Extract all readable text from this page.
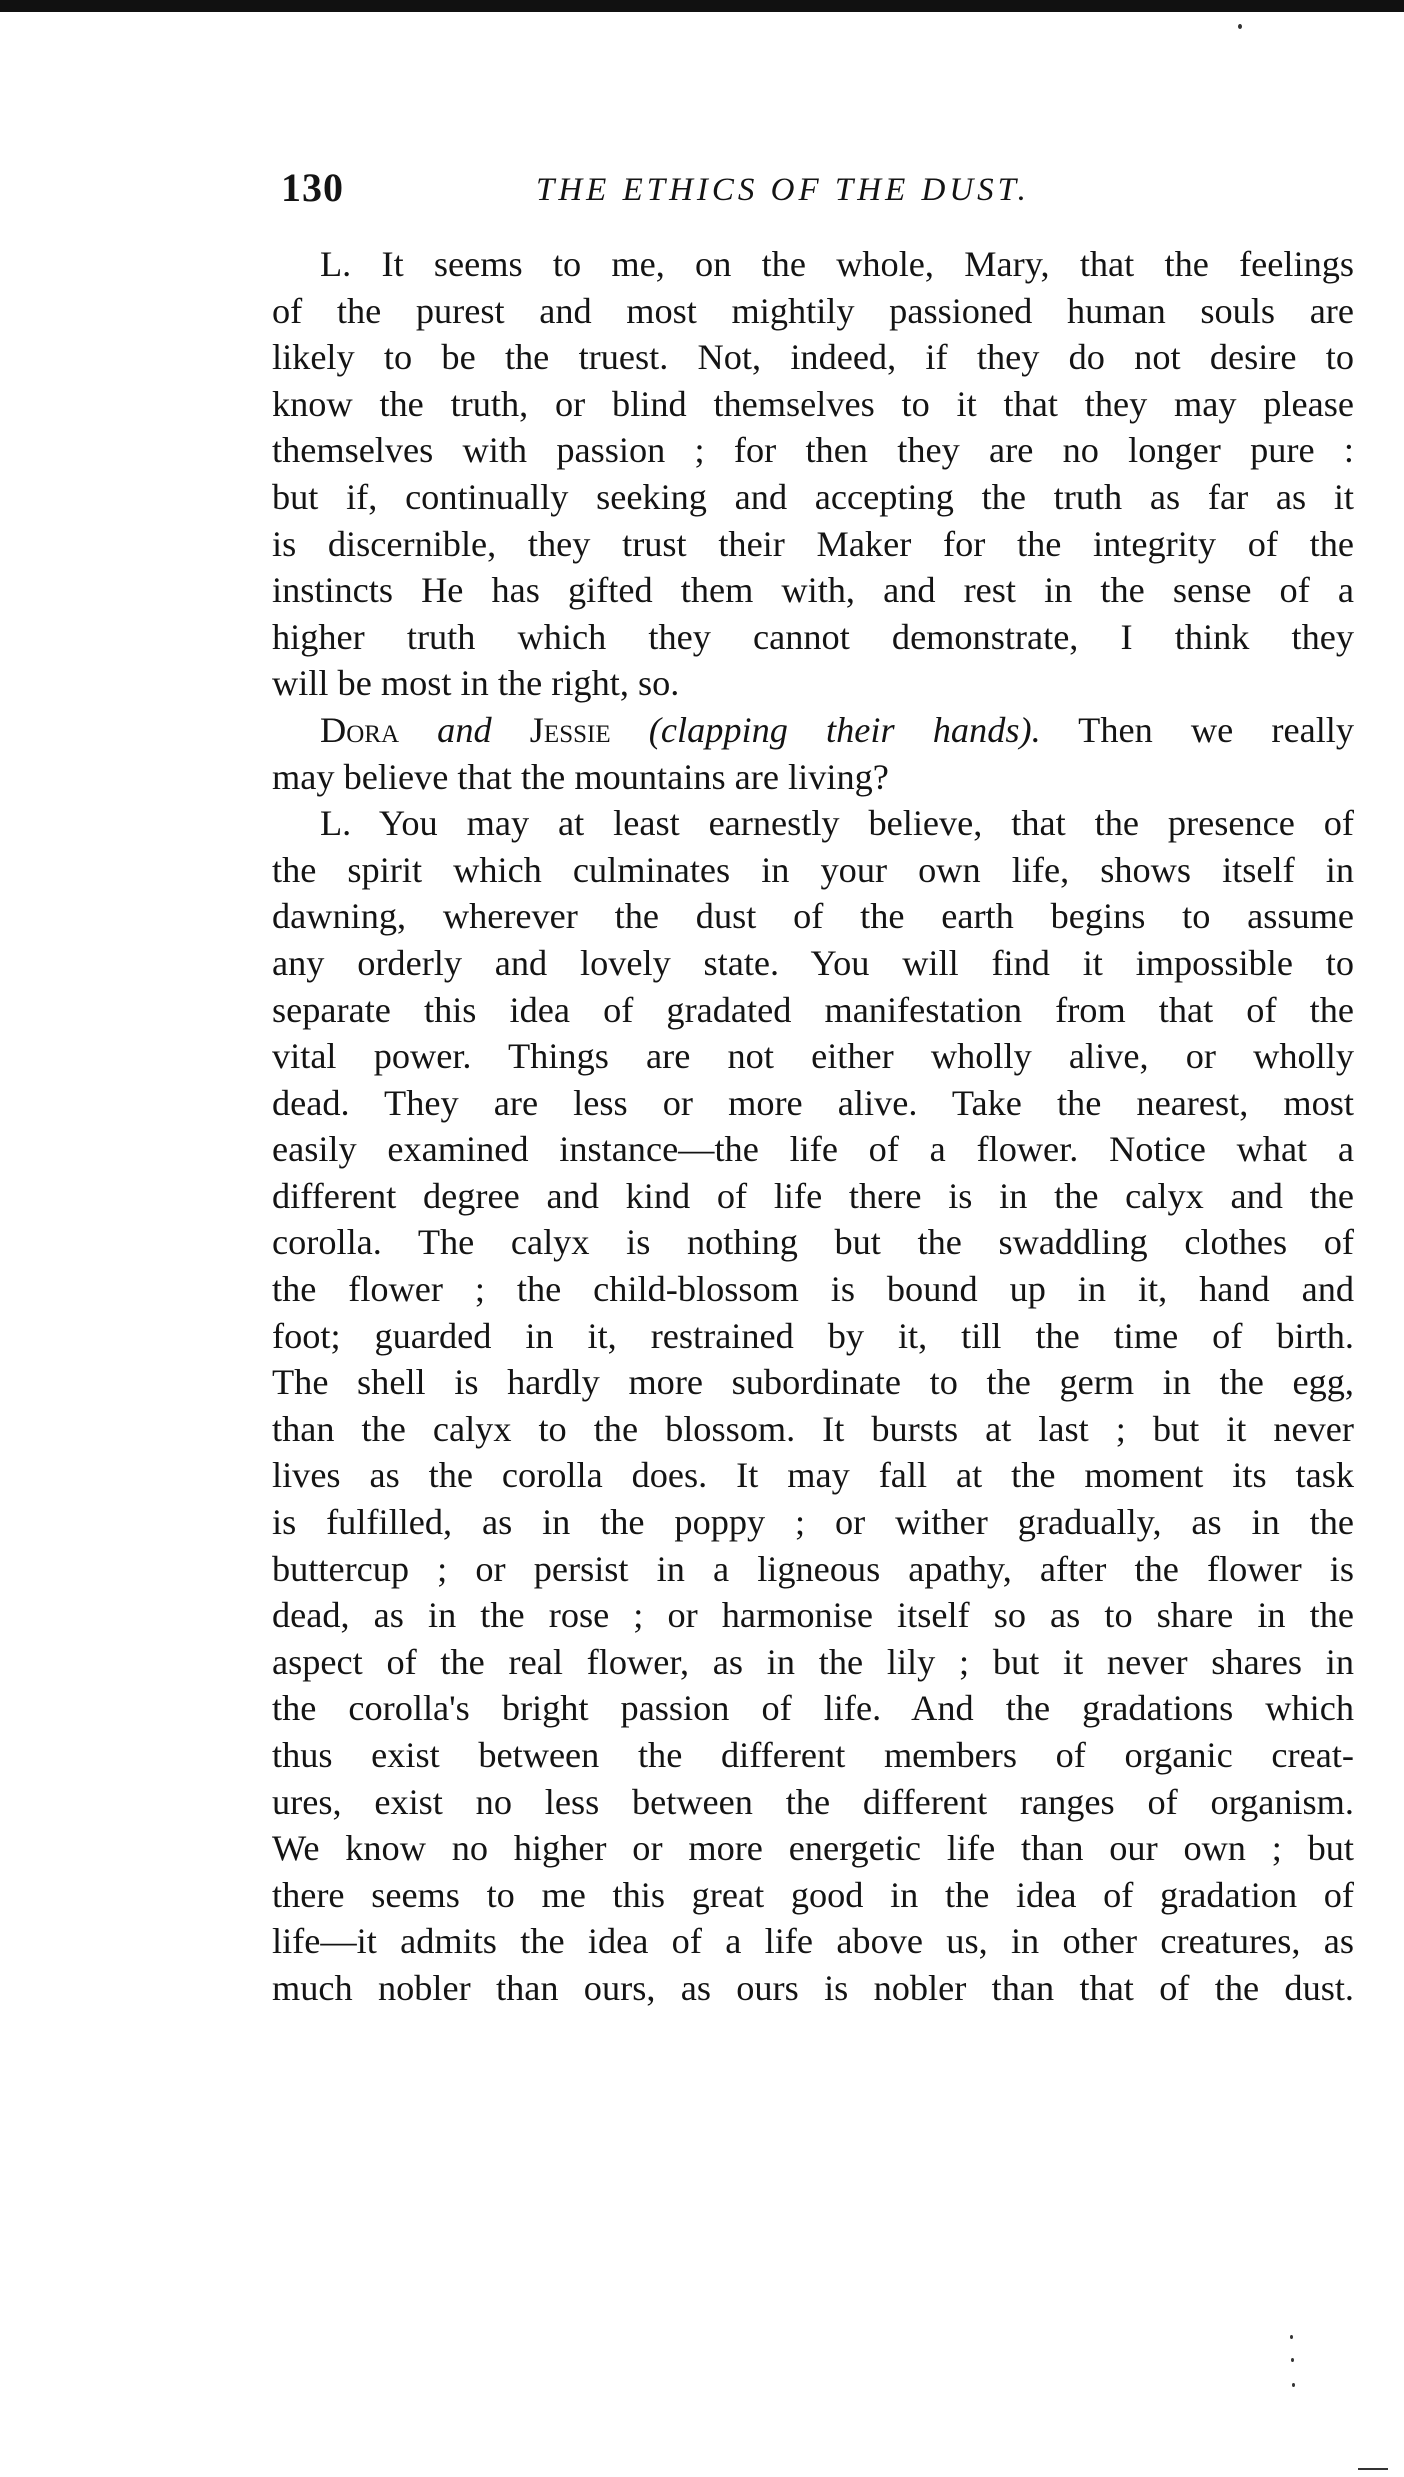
130	THE ETHICS OF THE DUST.
L. It seems to me, on the whole, Mary, that the feelings
of the purest and most mightily passioned human souls are
likely to be the truest. Not, indeed, if they do not desire to
know the truth, or blind themselves to it that they may please
themselves with passion ; for then they are no longer pure :
but if, continually seeking and accepting the truth as far as it
is discernible, they trust their Maker for the integrity of the
instincts He has gifted them with, and rest in the sense of a
higher truth which they cannot demonstrate, I think they
will be most in the right, so.
Dora and Jessie (clapping their hands). Then we really
may believe that the mountains are living?
L. You may at least earnestly believe, that the presence of
the spirit which culminates in your own life, shows itself in
dawning, wherever the dust of the earth begins to assume
any orderly and lovely state. You will find it impossible to
separate this idea of gradated manifestation from that of the
vital power. Things are not either wholly alive, or wholly
dead. They are less or more alive. Take the nearest, most
easily examined instance—the life of a flower. Notice what a
different degree and kind of life there is in the calyx and the
corolla. The calyx is nothing but the swaddling clothes of
the flower ; the child-blossom is bound up in it, hand and
foot; guarded in it, restrained by it, till the time of birth.
The shell is hardly more subordinate to the germ in the egg,
than the calyx to the blossom. It bursts at last ; but it never
lives as the corolla does. It may fall at the moment its task
is fulfilled, as in the poppy ; or wither gradually, as in the
buttercup ; or persist in a ligneous apathy, after the flower is
dead, as in the rose ; or harmonise itself so as to share in the
aspect of the real flower, as in the lily ; but it never shares in
the corolla's bright passion of life. And the gradations which
thus exist between the different members of organic creat-
ures, exist no less between the different ranges of organism.
We know no higher or more energetic life than our own ; but
there seems to me this great good in the idea of gradation of
life—it admits the idea of a life above us, in other creatures, as
much nobler than ours, as ours is nobler than that of the dust.
